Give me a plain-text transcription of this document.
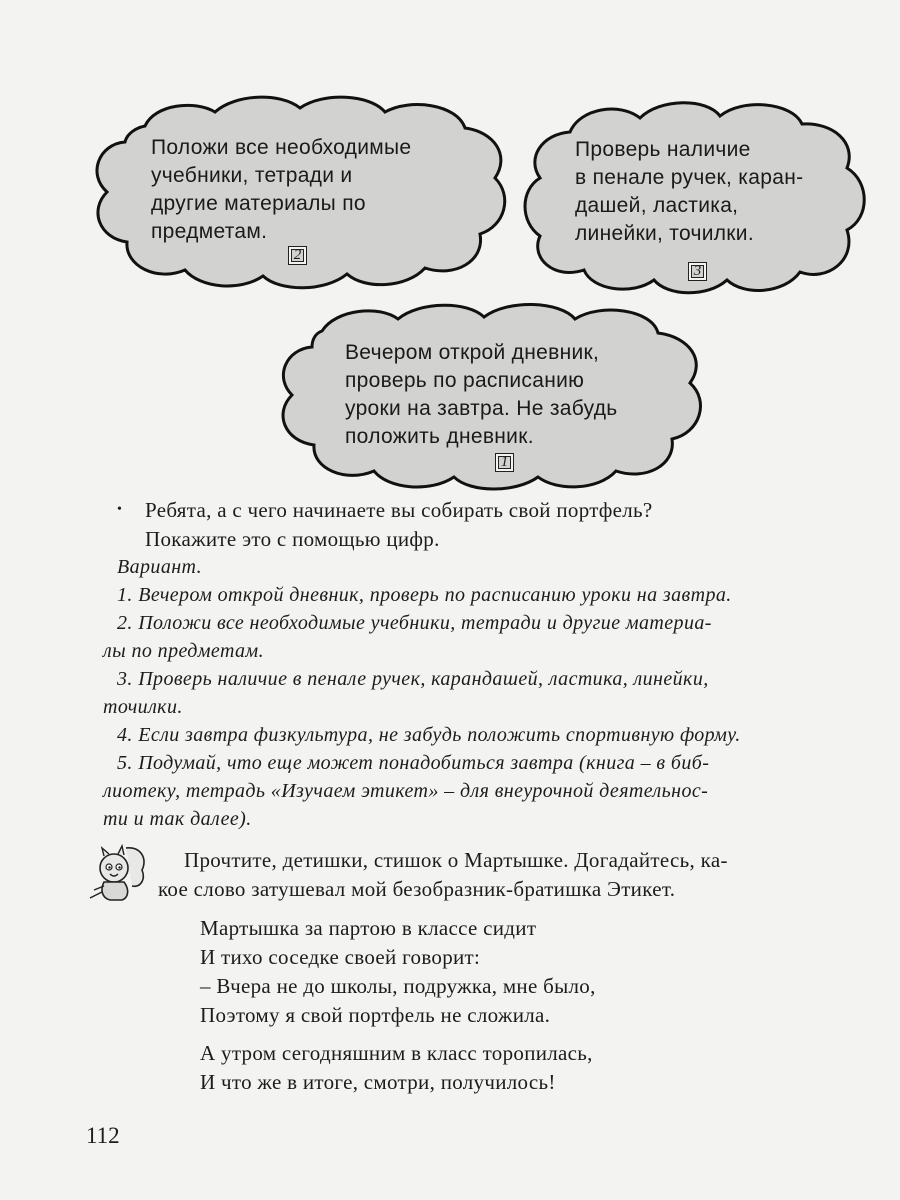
Положи все необходимые
учебники, тетради и
другие материалы по
предметам.
2
Проверь наличие
в пенале ручек, каран-
дашей, ластика,
линейки, точилки.
3
Вечером открой дневник,
проверь по расписанию
уроки на завтра. Не забудь
положить дневник.
1
• Ребята, а с чего начинаете вы собирать свой портфель?
Покажите это с помощью цифр.
Вариант.
1. Вечером открой дневник, проверь по расписанию уроки на завтра.
2. Положи все необходимые учебники, тетради и другие материа-
лы по предметам.
3. Проверь наличие в пенале ручек, карандашей, ластика, линейки,
точилки.
4. Если завтра физкультура, не забудь положить спортивную форму.
5. Подумай, что еще может понадобиться завтра (книга – в биб-
лиотеку, тетрадь «Изучаем этикет» – для внеурочной деятельнос-
ти и так далее).
Прочтите, детишки, стишок о Мартышке. Догадайтесь, ка-
кое слово затушевал мой безобразник-братишка Этикет.
Мартышка за партою в классе сидит
И тихо соседке своей говорит:
– Вчера не до школы, подружка, мне было,
Поэтому я свой портфель не сложила.
А утром сегодняшним в класс торопилась,
И что же в итоге, смотри, получилось!
112
